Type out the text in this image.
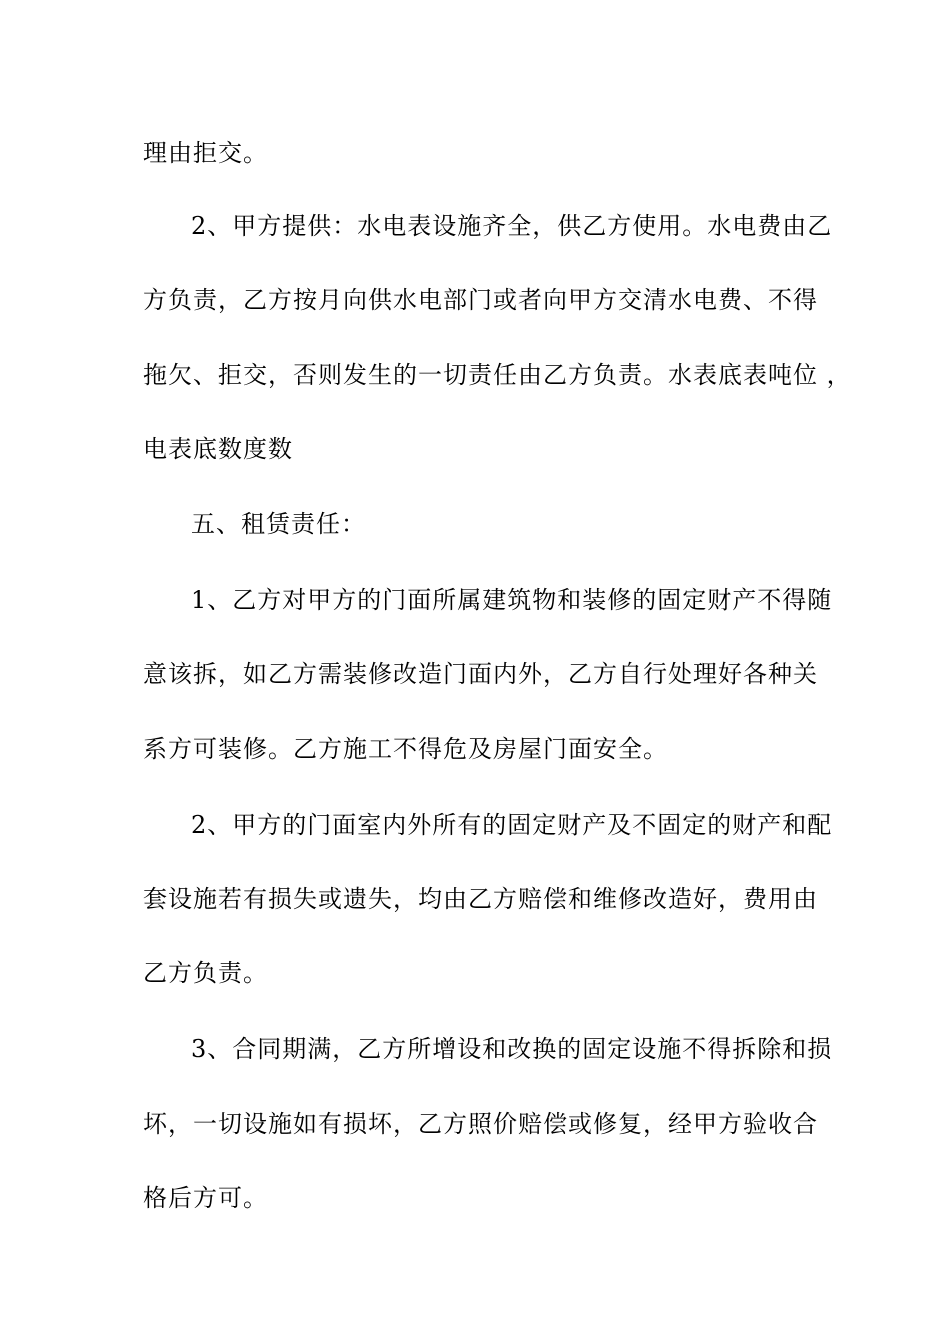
理由拒交。
2、甲方提供：水电表设施齐全，供乙方使用。水电费由乙
方负责，乙方按月向供水电部门或者向甲方交清水电费、不得
拖欠、拒交，否则发生的一切责任由乙方负责。水表底表吨位 ，
电表底数度数
五、租赁责任：
1、乙方对甲方的门面所属建筑物和装修的固定财产不得随
意该拆，如乙方需装修改造门面内外，乙方自行处理好各种关
系方可装修。乙方施工不得危及房屋门面安全。
2、甲方的门面室内外所有的固定财产及不固定的财产和配
套设施若有损失或遗失，均由乙方赔偿和维修改造好，费用由
乙方负责。
3、合同期满，乙方所增设和改换的固定设施不得拆除和损
坏，一切设施如有损坏，乙方照价赔偿或修复，经甲方验收合
格后方可。
